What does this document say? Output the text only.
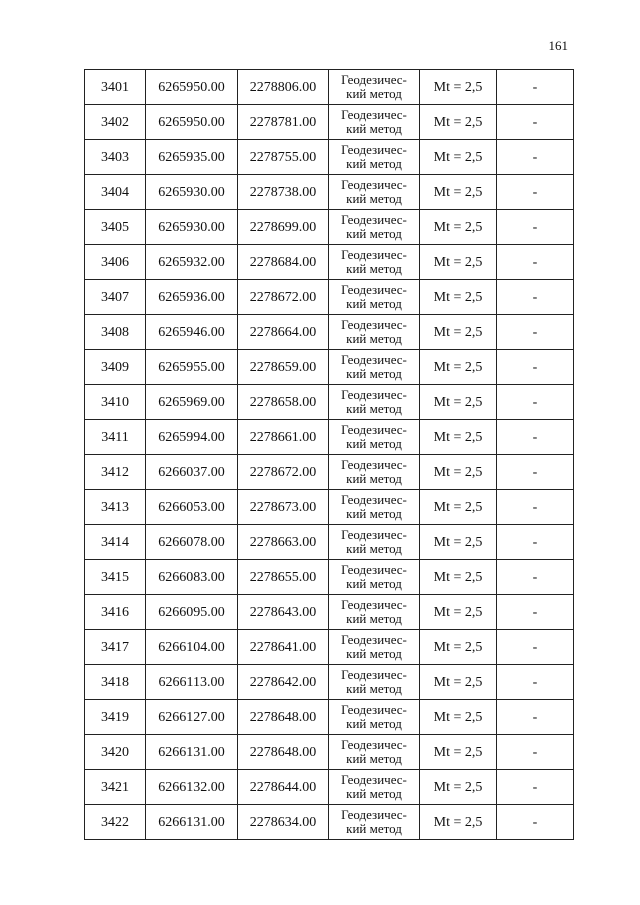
161
3401	6265950.00	2278806.00	Геодезичес-
кий метод	Mt = 2,5	-
3402	6265950.00	2278781.00	Геодезичес-
кий метод	Mt = 2,5	-
3403	6265935.00	2278755.00	Геодезичес-
кий метод	Mt = 2,5	-
3404	6265930.00	2278738.00	Геодезичес-
кий метод	Mt = 2,5	-
3405	6265930.00	2278699.00	Геодезичес-
кий метод	Mt = 2,5	-
3406	6265932.00	2278684.00	Геодезичес-
кий метод	Mt = 2,5	-
3407	6265936.00	2278672.00	Геодезичес-
кий метод	Mt = 2,5	-
3408	6265946.00	2278664.00	Геодезичес-
кий метод	Mt = 2,5	-
3409	6265955.00	2278659.00	Геодезичес-
кий метод	Mt = 2,5	-
3410	6265969.00	2278658.00	Геодезичес-
кий метод	Mt = 2,5	-
3411	6265994.00	2278661.00	Геодезичес-
кий метод	Mt = 2,5	-
3412	6266037.00	2278672.00	Геодезичес-
кий метод	Mt = 2,5	-
3413	6266053.00	2278673.00	Геодезичес-
кий метод	Mt = 2,5	-
3414	6266078.00	2278663.00	Геодезичес-
кий метод	Mt = 2,5	-
3415	6266083.00	2278655.00	Геодезичес-
кий метод	Mt = 2,5	-
3416	6266095.00	2278643.00	Геодезичес-
кий метод	Mt = 2,5	-
3417	6266104.00	2278641.00	Геодезичес-
кий метод	Mt = 2,5	-
3418	6266113.00	2278642.00	Геодезичес-
кий метод	Mt = 2,5	-
3419	6266127.00	2278648.00	Геодезичес-
кий метод	Mt = 2,5	-
3420	6266131.00	2278648.00	Геодезичес-
кий метод	Mt = 2,5	-
3421	6266132.00	2278644.00	Геодезичес-
кий метод	Mt = 2,5	-
3422	6266131.00	2278634.00	Геодезичес-
кий метод	Mt = 2,5	-
